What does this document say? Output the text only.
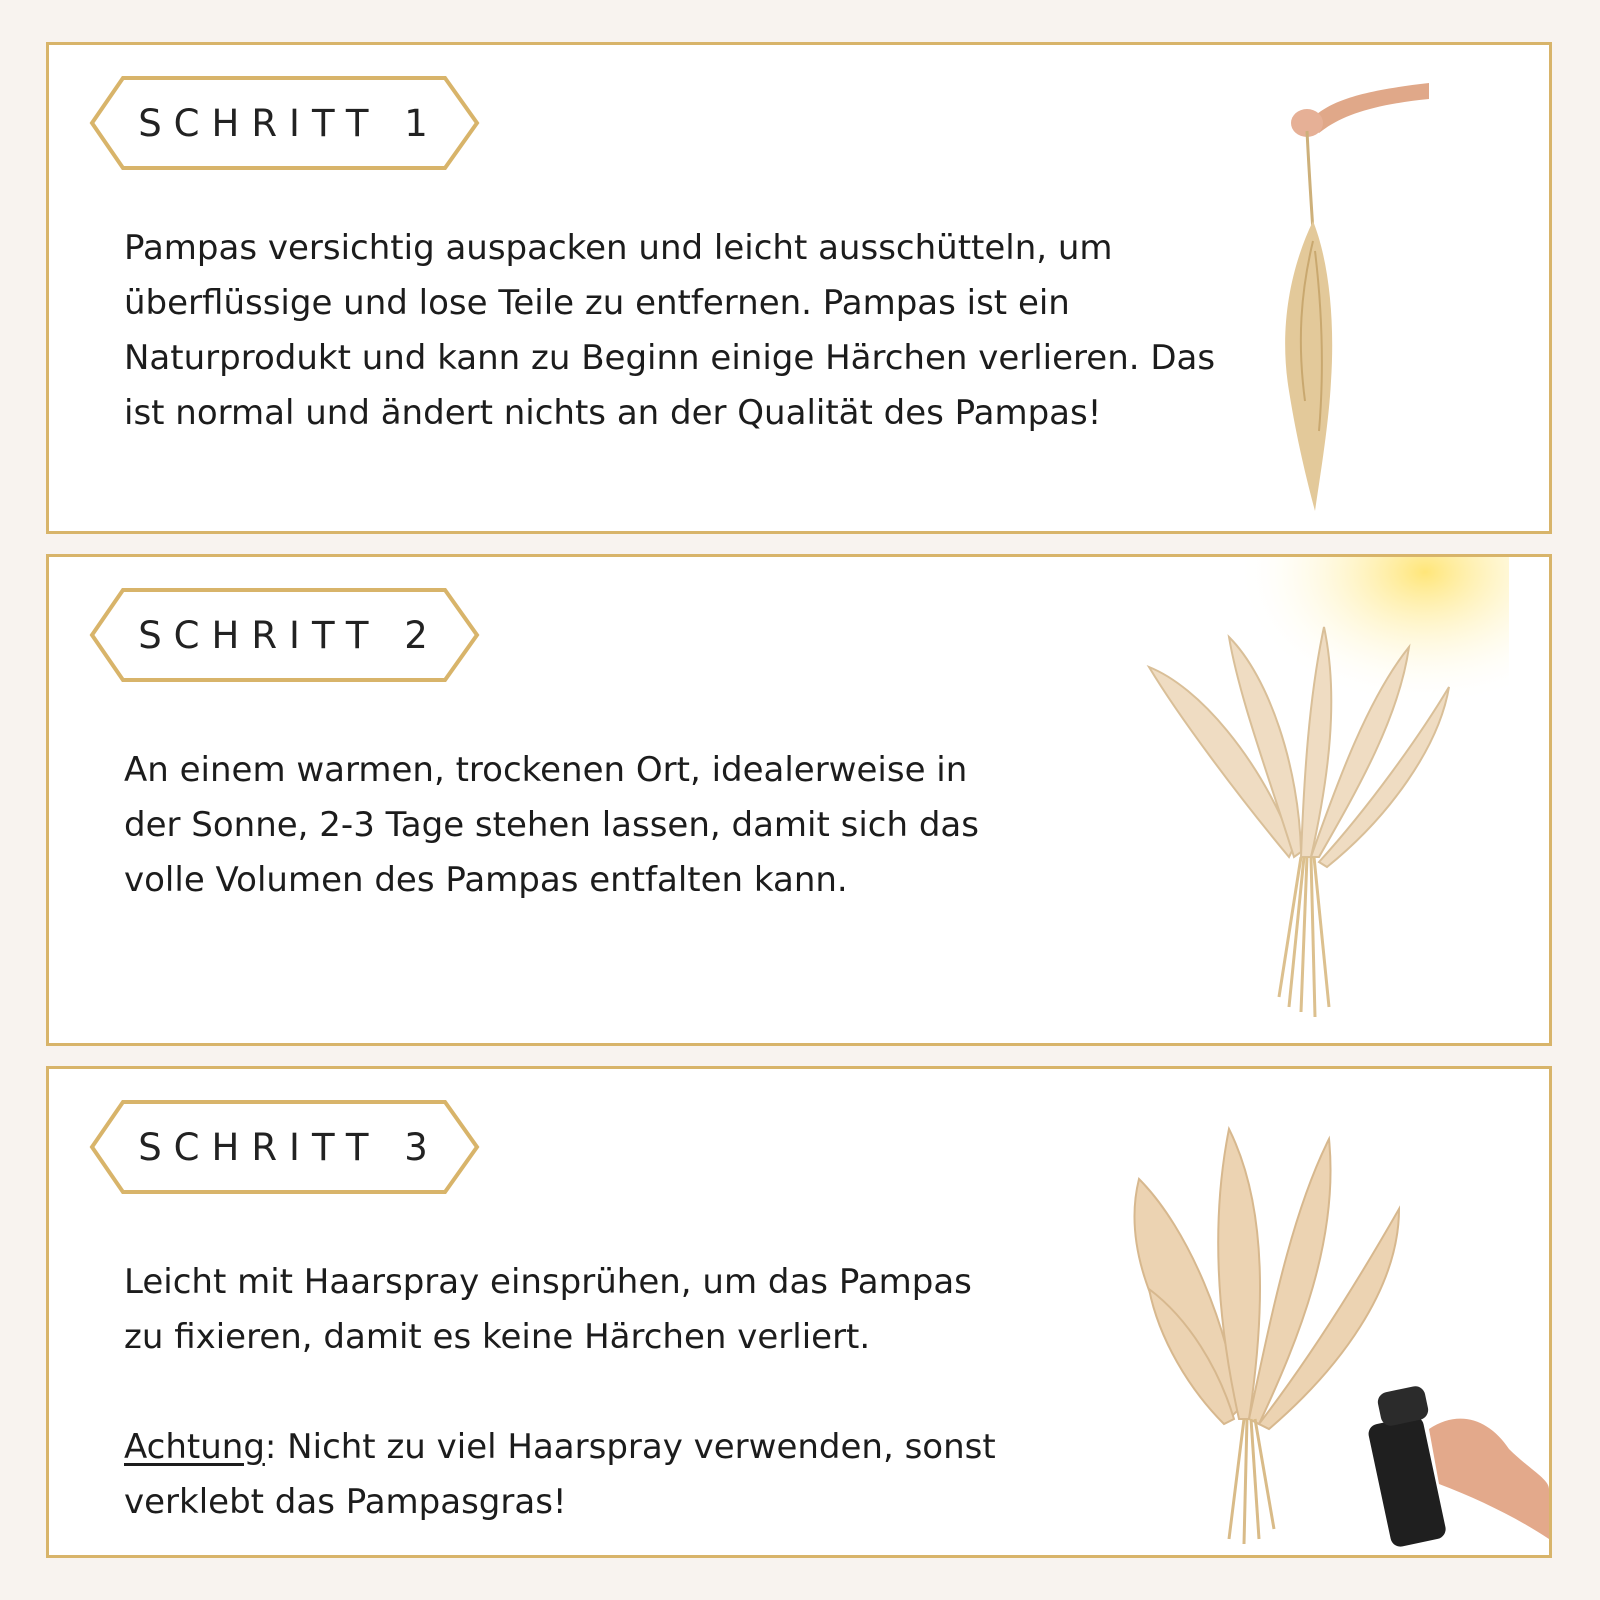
SCHRITT 1

Pampas versichtig auspacken und leicht ausschütteln, um überflüssige und lose Teile zu entfernen. Pampas ist ein Naturprodukt und kann zu Beginn einige Härchen verlieren. Das ist normal und ändert nichts an der Qualität des Pampas!

SCHRITT 2

An einem warmen, trockenen Ort, idealerweise in der Sonne, 2-3 Tage stehen lassen, damit sich das volle Volumen des Pampas entfalten kann.

SCHRITT 3

Leicht mit Haarspray einsprühen, um das Pampas zu fixieren, damit es keine Härchen verliert.

Achtung: Nicht zu viel Haarspray verwenden, sonst verklebt das Pampasgras!
